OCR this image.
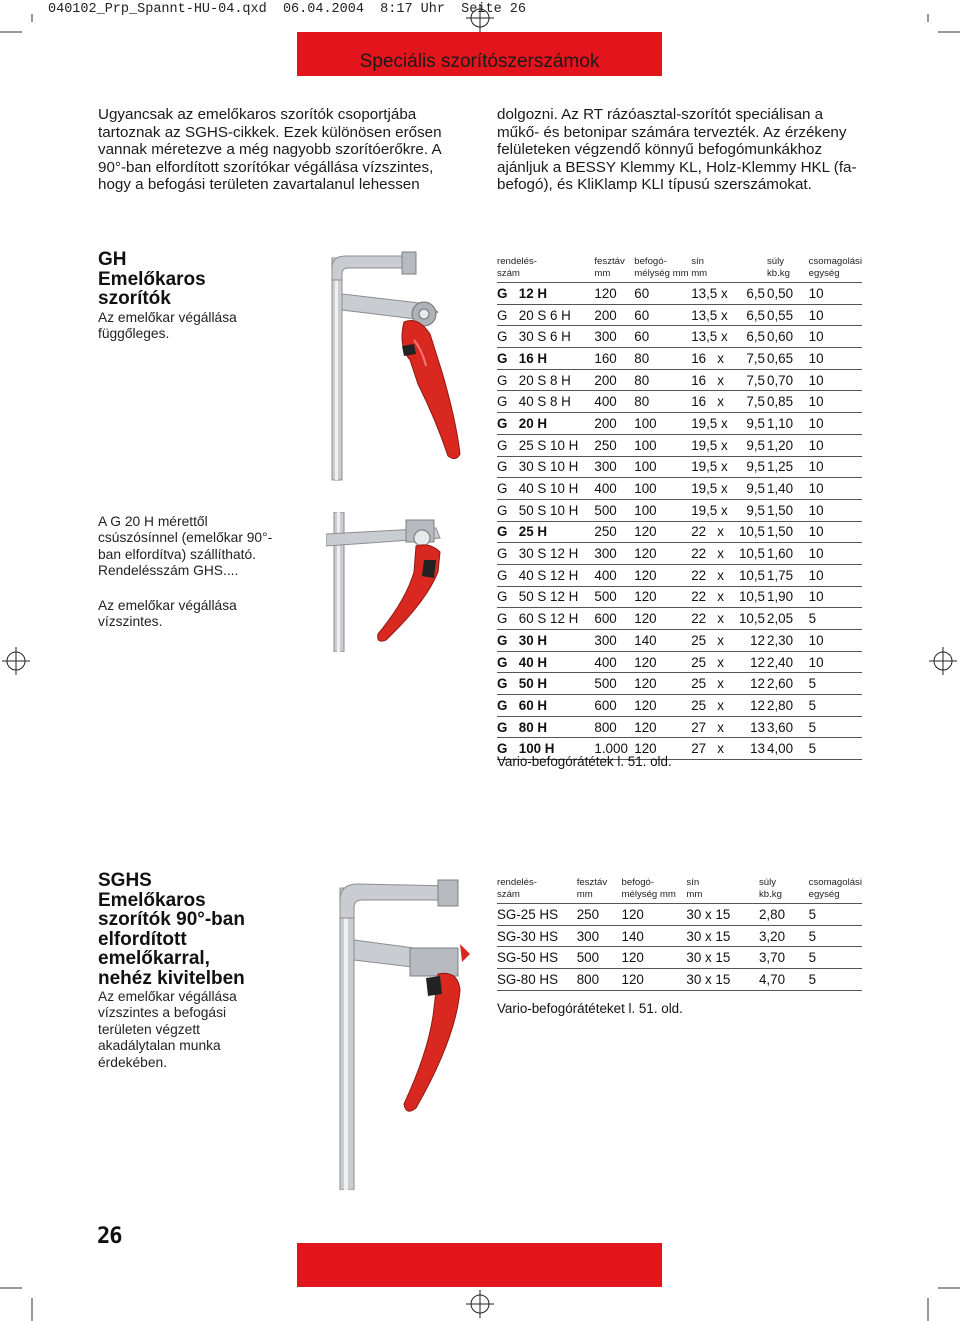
040102_Prp_Spannt-HU-04.qxd  06.04.2004  8:17 Uhr  Seite 26
Speciális szorítószerszámok
Ugyancsak az emelőkaros szorítók csoportjába tartoznak az SGHS-cikkek. Ezek különösen erősen vannak méretezve a még nagyobb szorítóerőkre. A 90°-ban elfordított szorítókar végállása vízszintes, hogy a befogási területen zavartalanul lehessen
dolgozni. Az RT rázóasztal-szorítót speciálisan a műkő- és betonipar számára tervezték. Az érzékeny felületeken végzendő könnyű befogómunkákhoz ajánljuk a BESSY Klemmy KL, Holz-Klemmy HKL (fa-befogó), és KliKlamp KLI típusú szerszámokat.
GH
Emelőkaros
szorítók
Az emelőkar végállása függőleges.
A G 20 H mérettől csúszósínnel (emelőkar 90°-ban elfordítva) szállítható. Rendelésszám GHS....
Az emelőkar végállása vízszintes.
rendelés-
szám		fesztáv
mm	befogó-
mélység mm	sín
mm		súly
kb.kg	csomagolási
egység
G	12 H	120	60	13,5 x	6,5	0,50	10
G	20 S 6 H	200	60	13,5 x	6,5	0,55	10
G	30 S 6 H	300	60	13,5 x	6,5	0,60	10
G	16 H	160	80	16   x	7,5	0,65	10
G	20 S 8 H	200	80	16   x	7,5	0,70	10
G	40 S 8 H	400	80	16   x	7,5	0,85	10
G	20 H	200	100	19,5 x	9,5	1,10	10
G	25 S 10 H	250	100	19,5 x	9,5	1,20	10
G	30 S 10 H	300	100	19,5 x	9,5	1,25	10
G	40 S 10 H	400	100	19,5 x	9,5	1,40	10
G	50 S 10 H	500	100	19,5 x	9,5	1,50	10
G	25 H	250	120	22   x	10,5	1,50	10
G	30 S 12 H	300	120	22   x	10,5	1,60	10
G	40 S 12 H	400	120	22   x	10,5	1,75	10
G	50 S 12 H	500	120	22   x	10,5	1,90	10
G	60 S 12 H	600	120	22   x	10,5	2,05	5
G	30 H	300	140	25   x	12	2,30	10
G	40 H	400	120	25   x	12	2,40	10
G	50 H	500	120	25   x	12	2,60	5
G	60 H	600	120	25   x	12	2,80	5
G	80 H	800	120	27   x	13	3,60	5
G	100 H	1.000	120	27   x	13	4,00	5
Vario-befogórátétek l. 51. old.
SGHS
Emelőkaros
szorítók 90°-ban
elfordított
emelőkarral,
nehéz kivitelben
Az emelőkar végállása vízszintes a befogási területen végzett akadálytalan munka érdekében.
rendelés-
szám	fesztáv
mm	befogó-
mélység mm	sín
mm	súly
kb.kg	csomagolási
egység
SG-25 HS	250	120	30 x 15	2,80	5
SG-30 HS	300	140	30 x 15	3,20	5
SG-50 HS	500	120	30 x 15	3,70	5
SG-80 HS	800	120	30 x 15	4,70	5
Vario-befogórátéteket l. 51. old.
26
